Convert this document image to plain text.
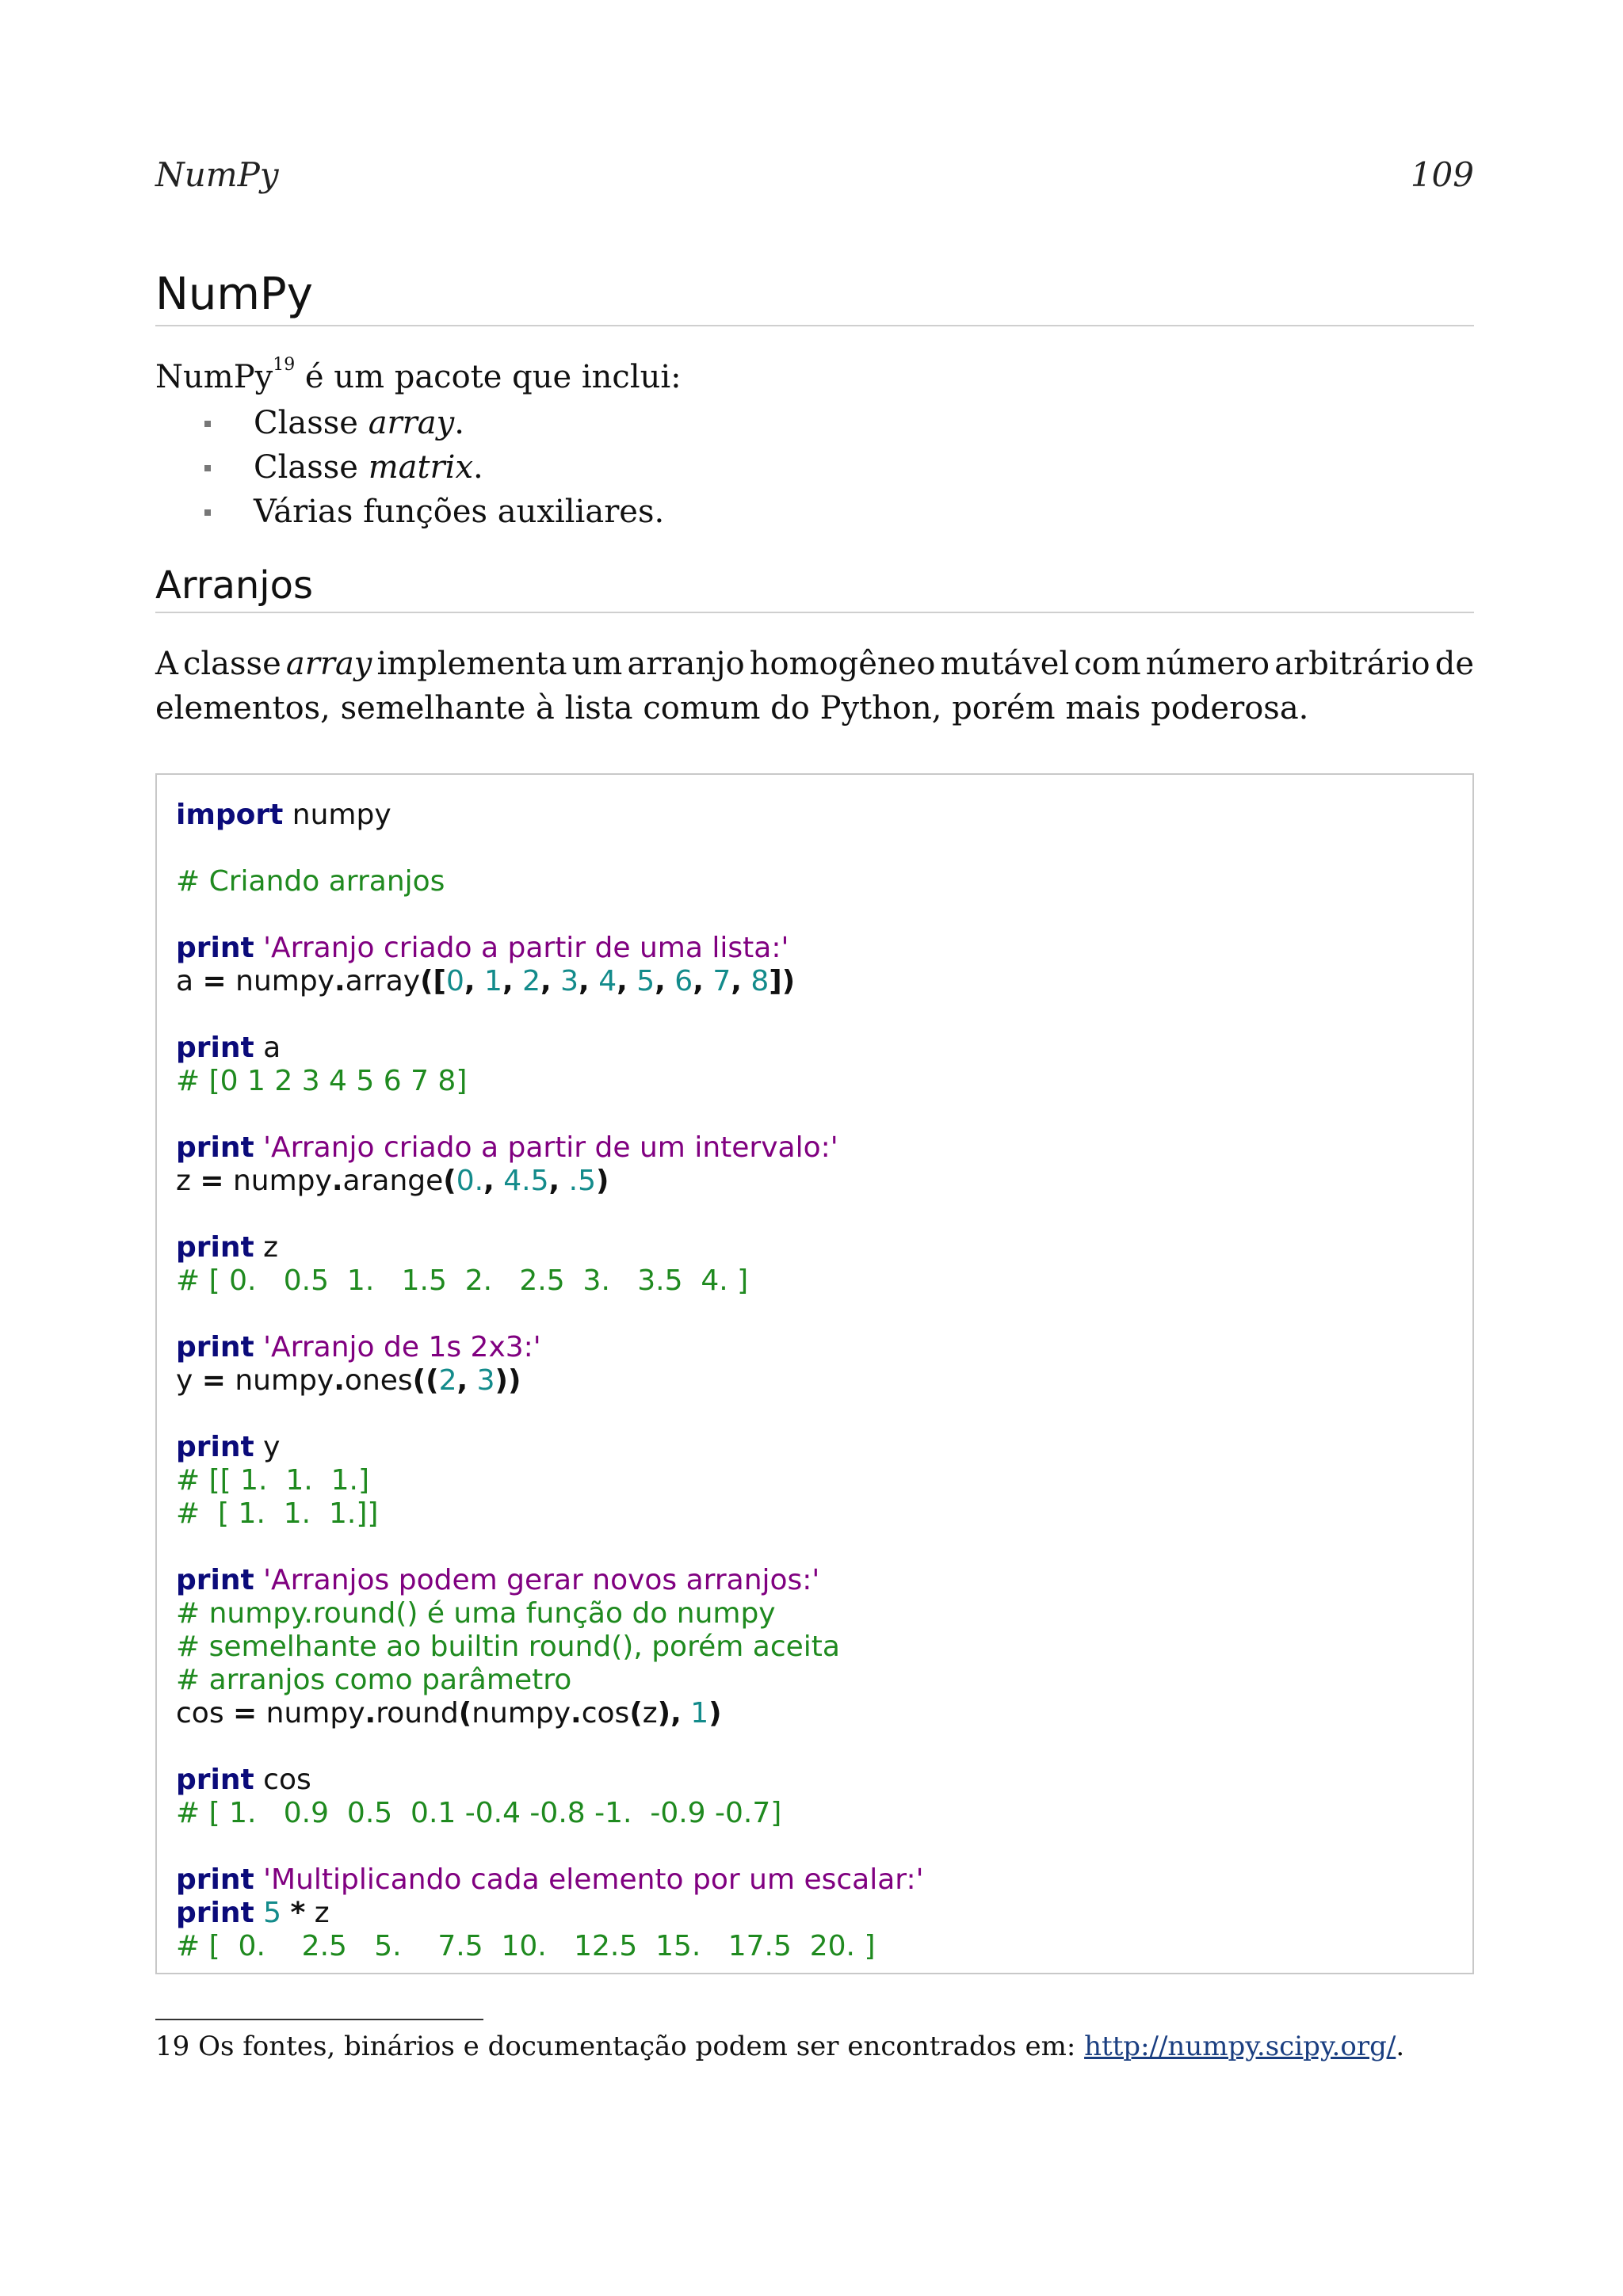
NumPy	109
NumPy
NumPy$^{19}$ é um pacote que inclui:
Classe array.
Classe matrix.
Várias funções auxiliares.
Arranjos
A classe array implementa um arranjo homogêneo mutável com número arbitrário de
elementos, semelhante à lista comum do Python, porém mais poderosa.
import numpy
# Criando arranjos
print 'Arranjo criado a partir de uma lista:'
a = numpy.array([0, 1, 2, 3, 4, 5, 6, 7, 8])
print a
# [0 1 2 3 4 5 6 7 8]
print 'Arranjo criado a partir de um intervalo:'
z = numpy.arange(0., 4.5, .5)
print z
# [ 0.   0.5  1.   1.5  2.   2.5  3.   3.5  4. ]
print 'Arranjo de 1s 2x3:'
y = numpy.ones((2, 3))
print y
# [[ 1.  1.  1.]
#  [ 1.  1.  1.]]
print 'Arranjos podem gerar novos arranjos:'
# numpy.round() é uma função do numpy
# semelhante ao builtin round(), porém aceita
# arranjos como parâmetro
cos = numpy.round(numpy.cos(z), 1)
print cos
# [ 1.   0.9  0.5  0.1 -0.4 -0.8 -1.  -0.9 -0.7]
print 'Multiplicando cada elemento por um escalar:'
print 5 * z
# [  0.    2.5   5.    7.5  10.   12.5  15.   17.5  20. ]
19 Os fontes, binários e documentação podem ser encontrados em: http://numpy.scipy.org/.
